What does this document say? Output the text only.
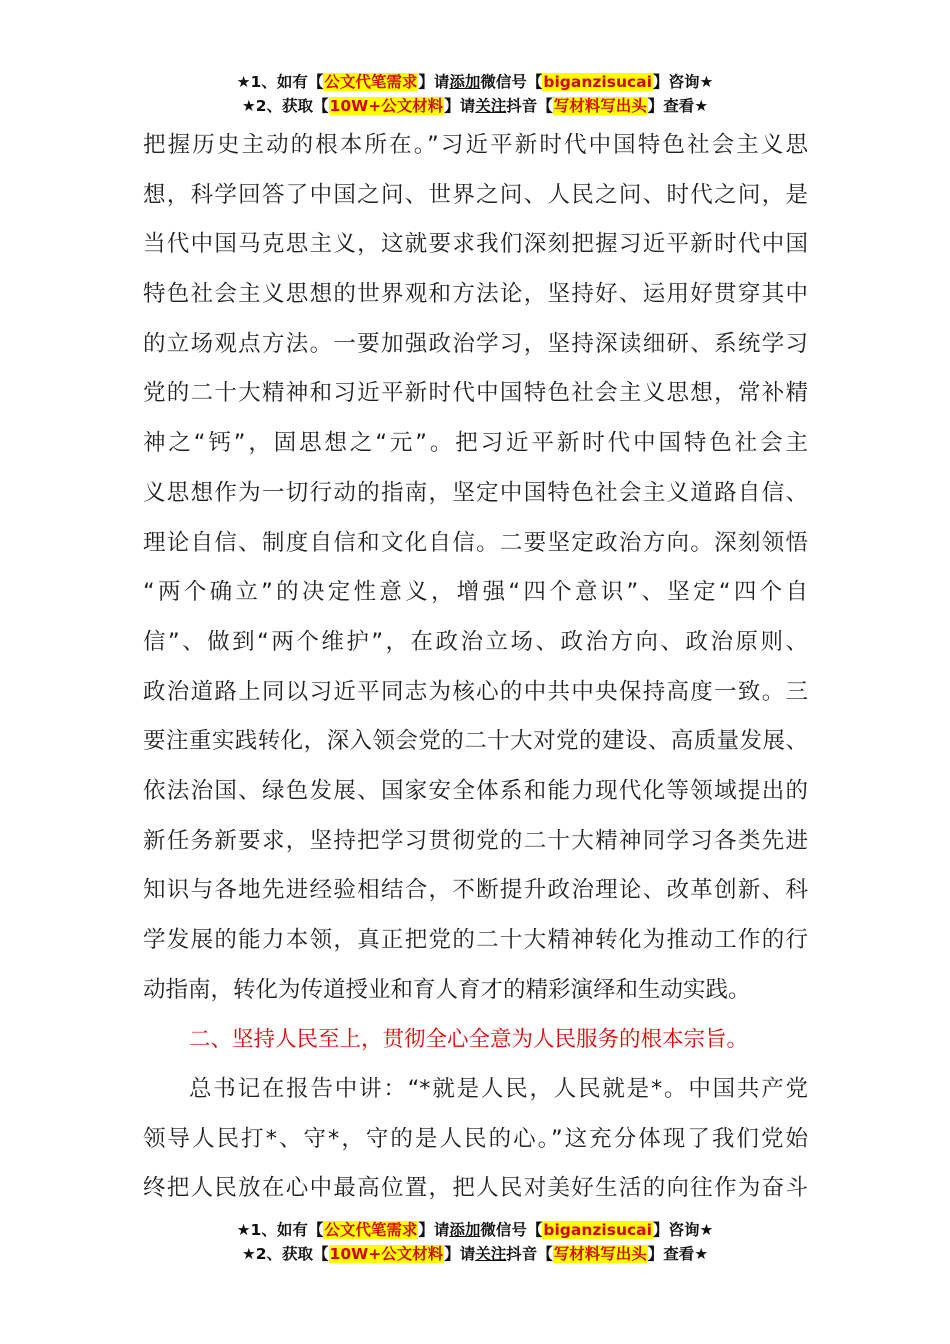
★1、如有【公文代笔需求】请添加微信号【biganzisucai】咨询★
★2、获取【10W+公文材料】请关注抖音【写材料写出头】查看★
把握历史主动的根本所在。”习近平新时代中国特色社会主义思
想，科学回答了中国之问、世界之问、人民之问、时代之问，是
当代中国马克思主义，这就要求我们深刻把握习近平新时代中国
特色社会主义思想的世界观和方法论，坚持好、运用好贯穿其中
的立场观点方法。一要加强政治学习，坚持深读细研、系统学习
党的二十大精神和习近平新时代中国特色社会主义思想，常补精
神之“钙”，固思想之“元”。把习近平新时代中国特色社会主
义思想作为一切行动的指南，坚定中国特色社会主义道路自信、
理论自信、制度自信和文化自信。二要坚定政治方向。深刻领悟
“两个确立”的决定性意义，增强“四个意识”、坚定“四个自
信”、做到“两个维护”，在政治立场、政治方向、政治原则、
政治道路上同以习近平同志为核心的中共中央保持高度一致。三
要注重实践转化，深入领会党的二十大对党的建设、高质量发展、
依法治国、绿色发展、国家安全体系和能力现代化等领域提出的
新任务新要求，坚持把学习贯彻党的二十大精神同学习各类先进
知识与各地先进经验相结合，不断提升政治理论、改革创新、科
学发展的能力本领，真正把党的二十大精神转化为推动工作的行
动指南，转化为传道授业和育人育才的精彩演绎和生动实践。
二、坚持人民至上，贯彻全心全意为人民服务的根本宗旨。
总书记在报告中讲：“*就是人民，人民就是*。中国共产党
领导人民打*、守*，守的是人民的心。”这充分体现了我们党始
终把人民放在心中最高位置，把人民对美好生活的向往作为奋斗
★1、如有【公文代笔需求】请添加微信号【biganzisucai】咨询★
★2、获取【10W+公文材料】请关注抖音【写材料写出头】查看★
